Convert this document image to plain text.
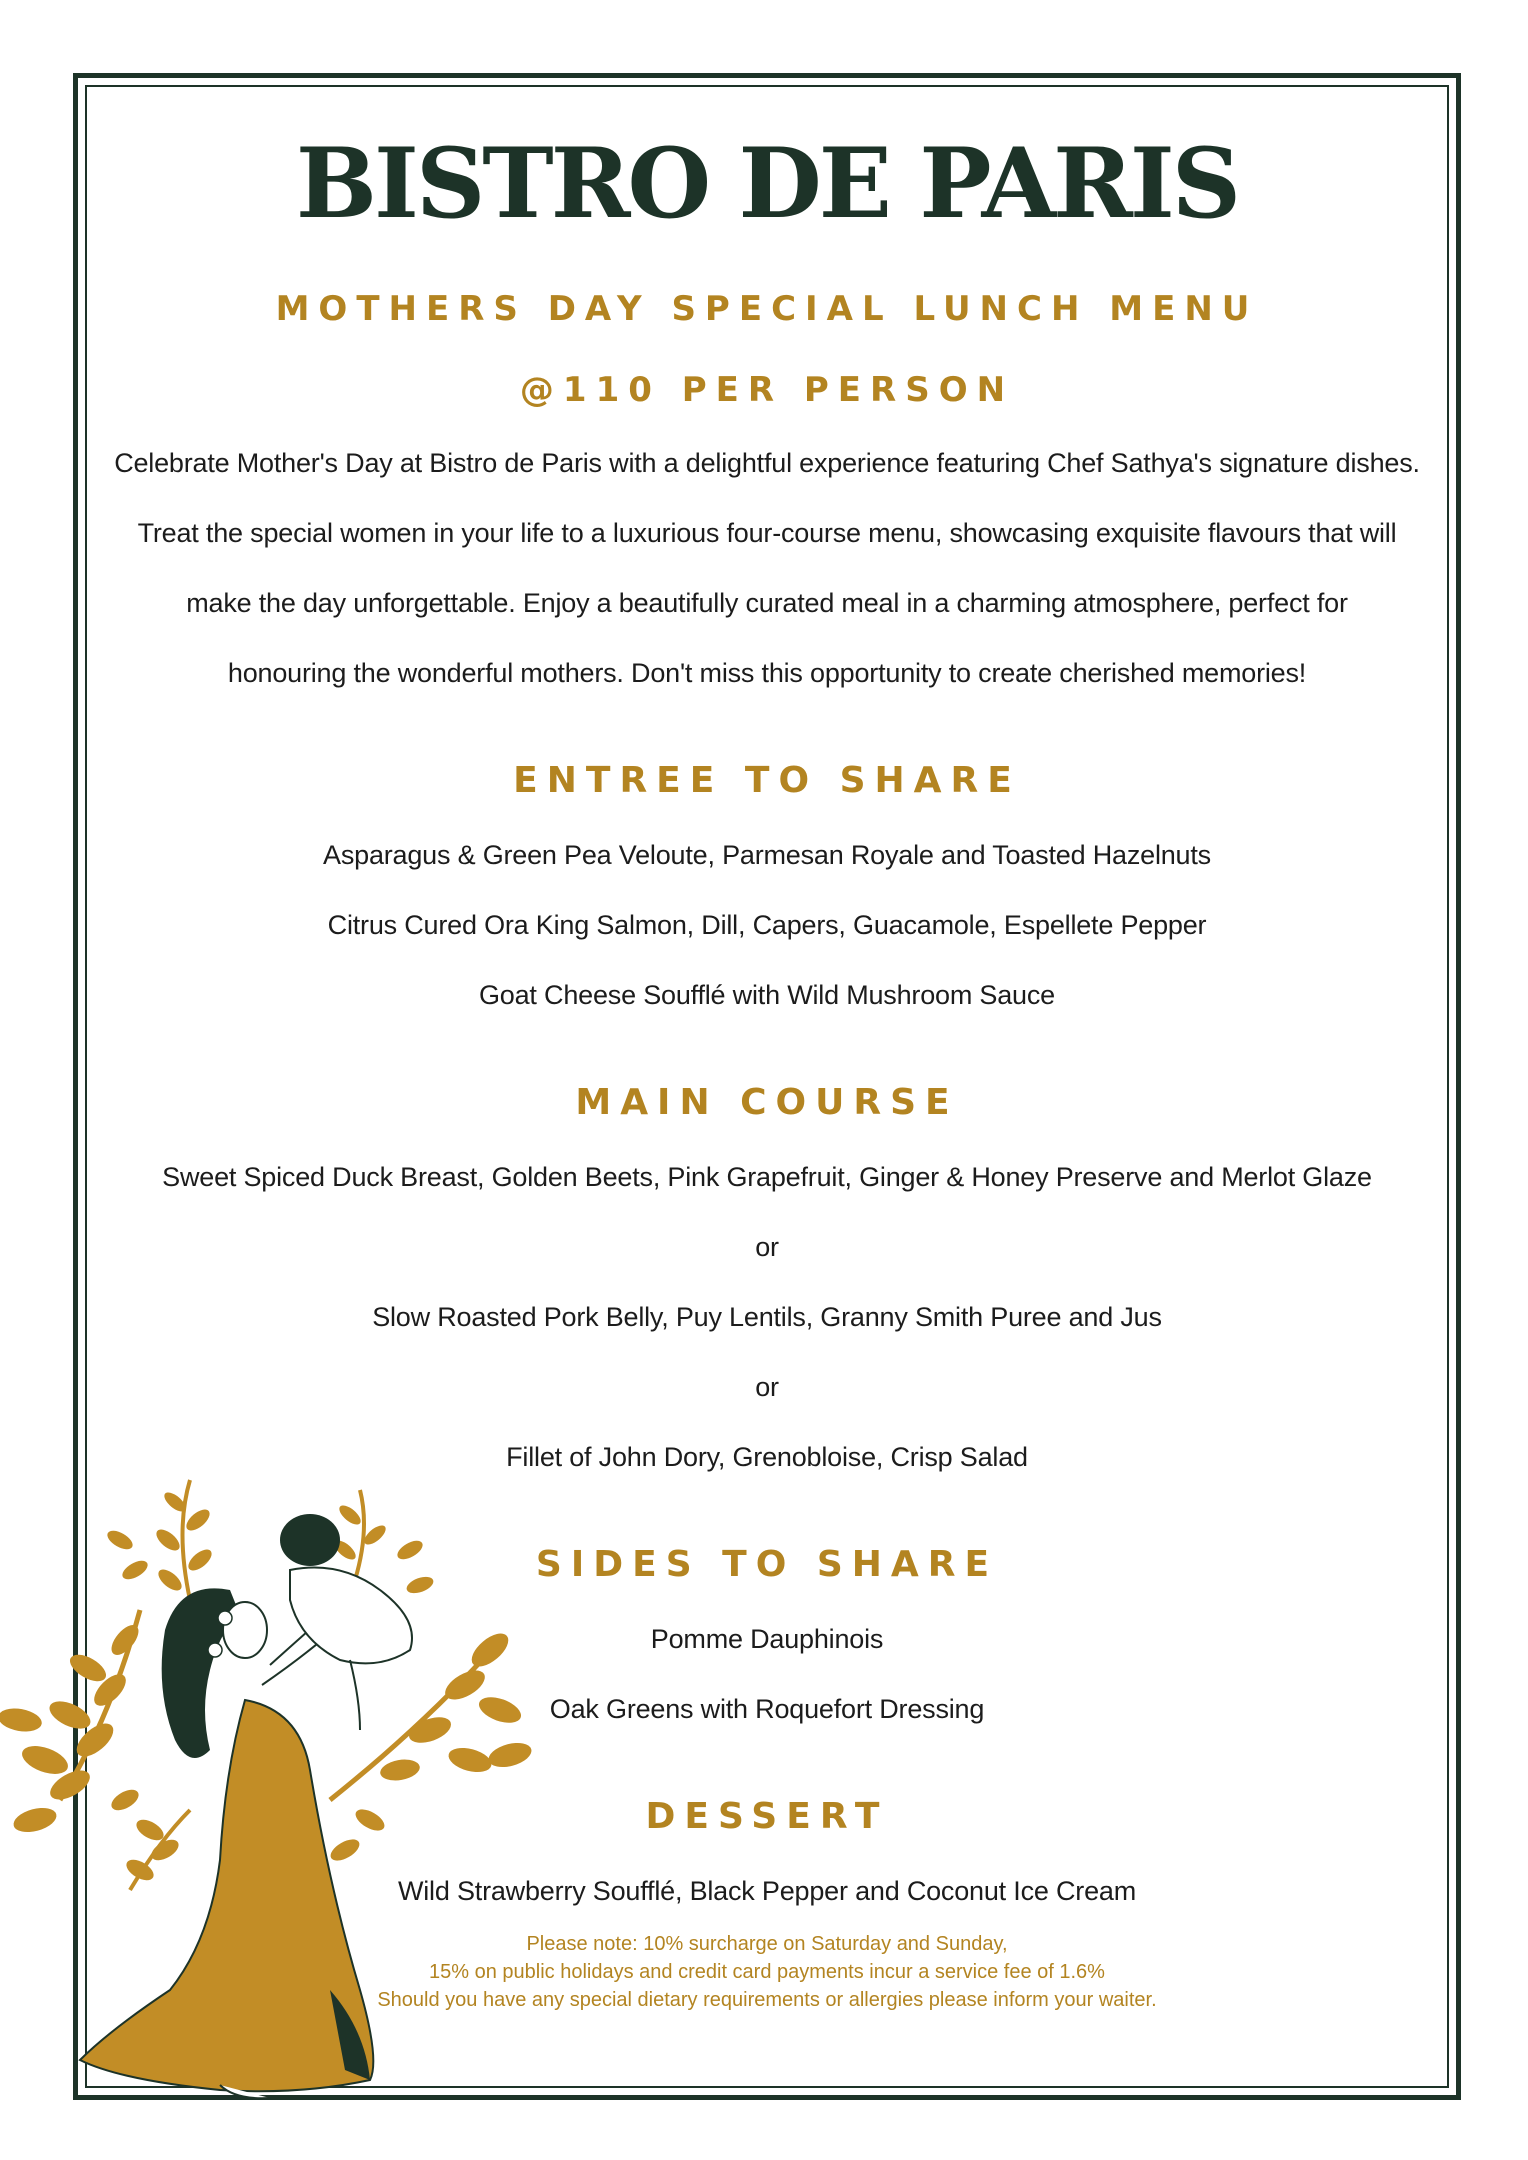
BISTRO DE PARIS
MOTHERS DAY SPECIAL LUNCH MENU
@110 PER PERSON

Celebrate Mother's Day at Bistro de Paris with a delightful experience featuring Chef Sathya's signature dishes.

Treat the special women in your life to a luxurious four-course menu, showcasing exquisite flavours that will

make the day unforgettable. Enjoy a beautifully curated meal in a charming atmosphere, perfect for

honouring the wonderful mothers. Don't miss this opportunity to create cherished memories!

ENTREE TO SHARE

Asparagus & Green Pea Veloute, Parmesan Royale and Toasted Hazelnuts

Citrus Cured Ora King Salmon, Dill, Capers, Guacamole, Espellete Pepper

Goat Cheese Soufflé with Wild Mushroom Sauce

MAIN COURSE

Sweet Spiced Duck Breast, Golden Beets, Pink Grapefruit, Ginger & Honey Preserve and Merlot Glaze

or

Slow Roasted Pork Belly, Puy Lentils, Granny Smith Puree and Jus

or

Fillet of John Dory, Grenobloise, Crisp Salad

SIDES TO SHARE

Pomme Dauphinois

Oak Greens with Roquefort Dressing

DESSERT

Wild Strawberry Soufflé, Black Pepper and Coconut Ice Cream

Please note: 10% surcharge on Saturday and Sunday,

15% on public holidays and credit card payments incur a service fee of 1.6%

Should you have any special dietary requirements or allergies please inform your waiter.
